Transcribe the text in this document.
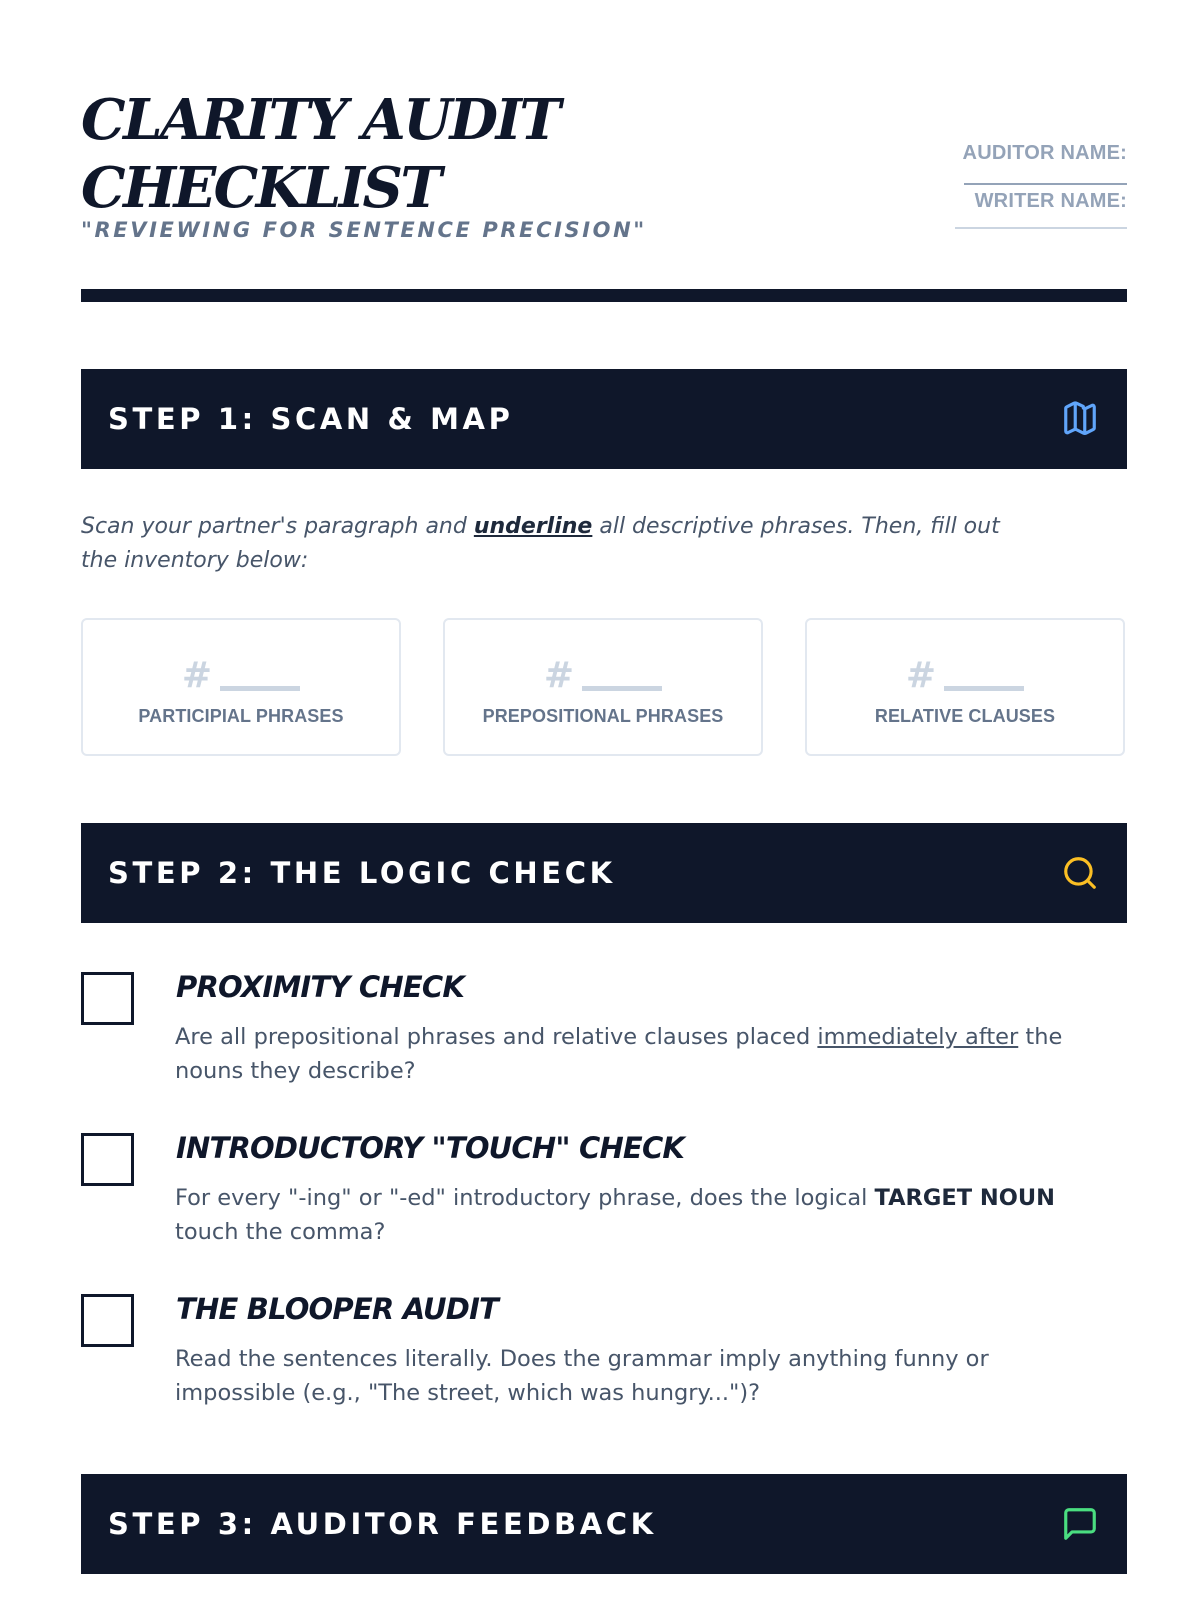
CLARITY AUDIT CHECKLIST
"REVIEWING FOR SENTENCE PRECISION"
AUDITOR NAME:
WRITER NAME:
STEP 1: SCAN & MAP

Scan your partner's paragraph and underline all descriptive phrases. Then, fill out the inventory below:

#
PARTICIPIAL PHRASES
#
PREPOSITIONAL PHRASES
#
RELATIVE CLAUSES
STEP 2: THE LOGIC CHECK
PROXIMITY CHECK

Are all prepositional phrases and relative clauses placed immediately after the nouns they describe?

INTRODUCTORY "TOUCH" CHECK

For every "-ing" or "-ed" introductory phrase, does the logical TARGET NOUN touch the comma?

THE BLOOPER AUDIT

Read the sentences literally. Does the grammar imply anything funny or impossible (e.g., "The street, which was hungry...")?

STEP 3: AUDITOR FEEDBACK
